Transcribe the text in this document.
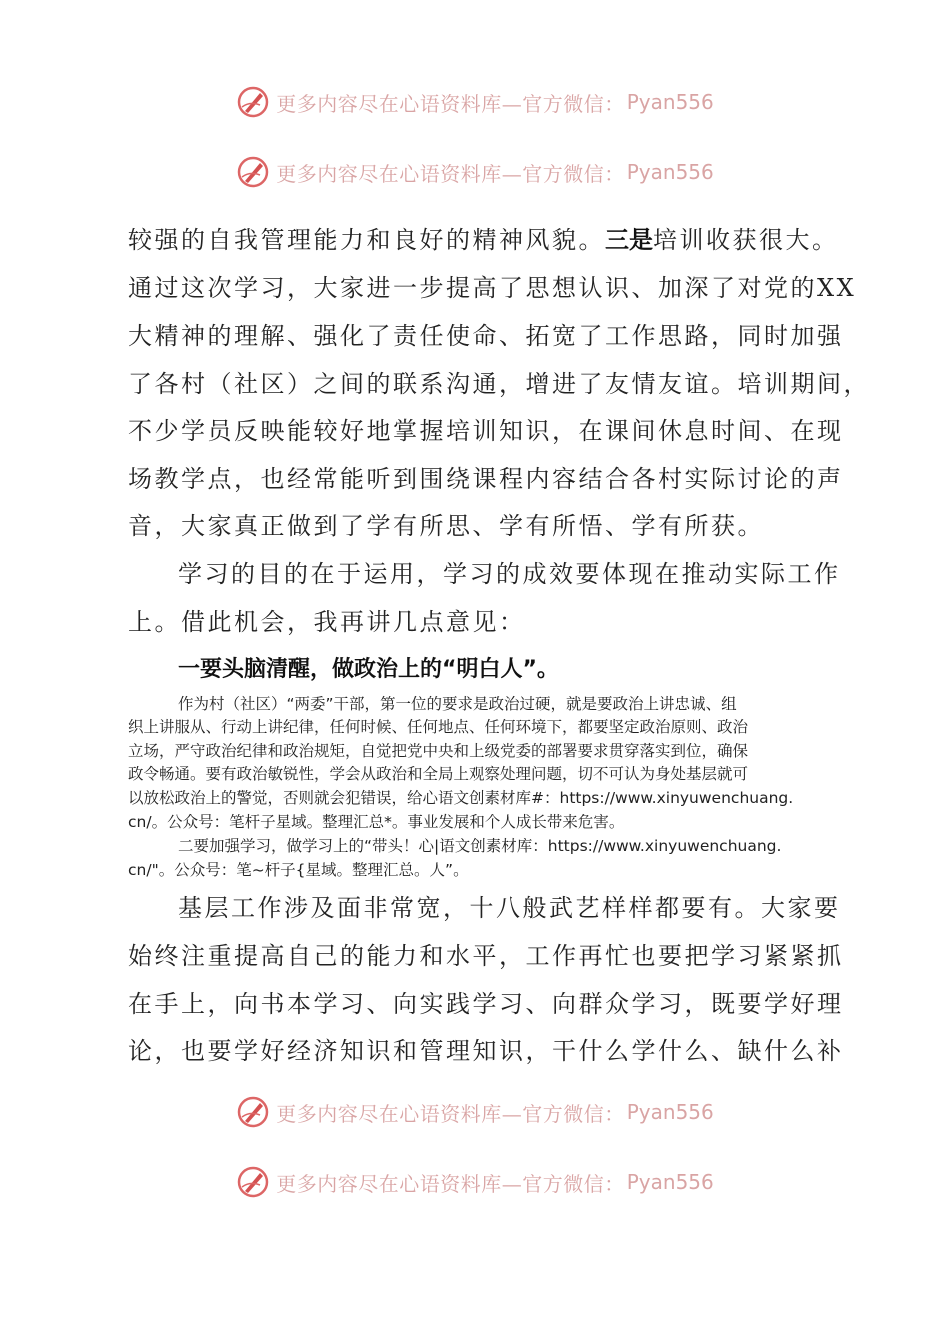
更多内容尽在心语资料库—官方微信： Pyan556
更多内容尽在心语资料库—官方微信： Pyan556
较强的自我管理能力和良好的精神风貌。三是培训收获很大。
通过这次学习，大家进一步提高了思想认识、加深了对党的XX
大精神的理解、强化了责任使命、拓宽了工作思路，同时加强
了各村（社区）之间的联系沟通，增进了友情友谊。培训期间，
不少学员反映能较好地掌握培训知识，在课间休息时间、在现
场教学点，也经常能听到围绕课程内容结合各村实际讨论的声
音，大家真正做到了学有所思、学有所悟、学有所获。
学习的目的在于运用，学习的成效要体现在推动实际工作
上。借此机会，我再讲几点意见：
一要头脑清醒，做政治上的“明白人”。
作为村（社区）“两委”干部，第一位的要求是政治过硬，就是要政治上讲忠诚、组
织上讲服从、行动上讲纪律，任何时候、任何地点、任何环境下，都要坚定政治原则、政治
立场，严守政治纪律和政治规矩，自觉把党中央和上级党委的部署要求贯穿落实到位，确保
政令畅通。要有政治敏锐性，学会从政治和全局上观察处理问题，切不可认为身处基层就可
以放松政治上的警觉，否则就会犯错误，给心语文创素材库#：https://www.xinyuwenchuang.
cn/。公众号：笔杆子星域。整理汇总*。事业发展和个人成长带来危害。
二要加强学习，做学习上的“带头！心|语文创素材库：https://www.xinyuwenchuang.
cn/"。公众号：笔~杆子{星域。整理汇总。人”。
基层工作涉及面非常宽，十八般武艺样样都要有。大家要
始终注重提高自己的能力和水平，工作再忙也要把学习紧紧抓
在手上，向书本学习、向实践学习、向群众学习，既要学好理
论，也要学好经济知识和管理知识，干什么学什么、缺什么补
更多内容尽在心语资料库—官方微信： Pyan556
更多内容尽在心语资料库—官方微信： Pyan556
